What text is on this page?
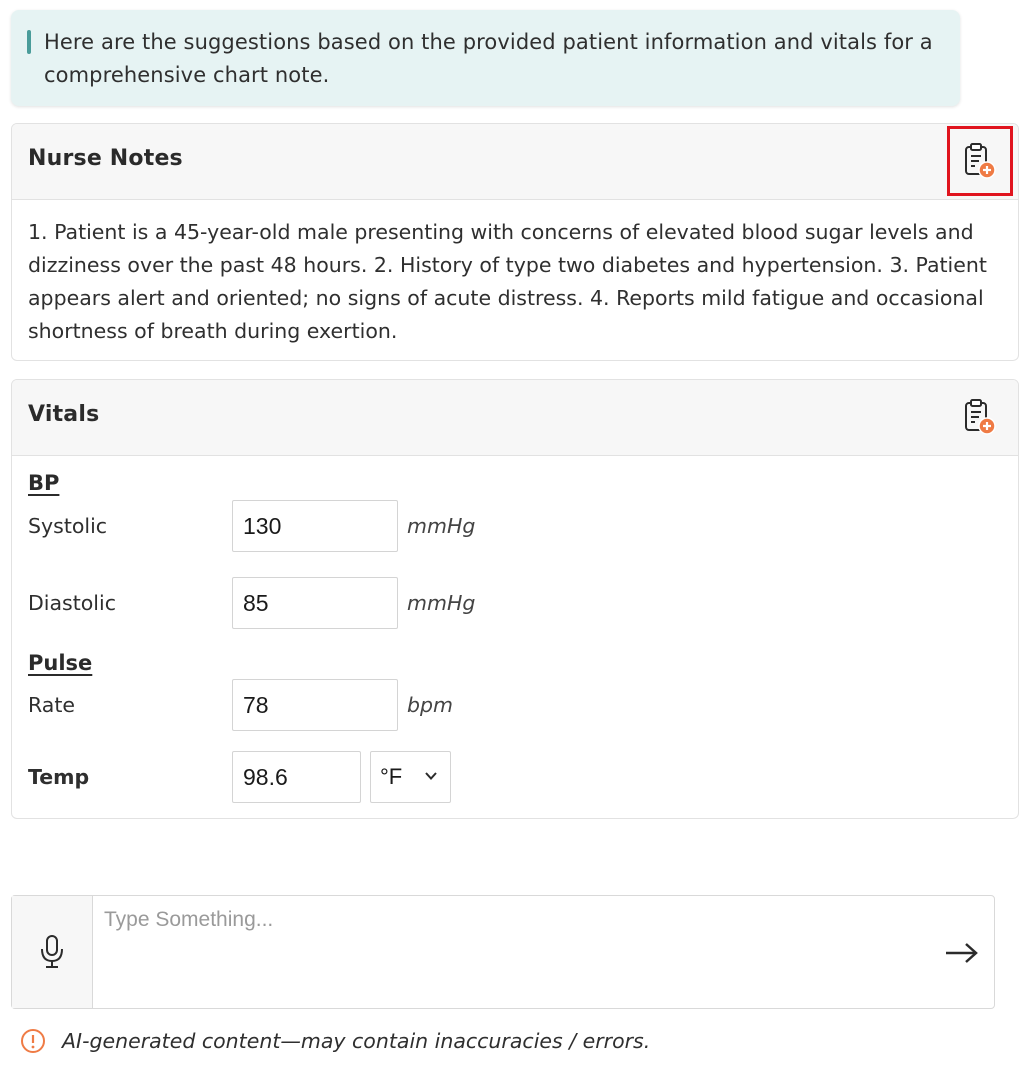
Here are the suggestions based on the provided patient information and vitals for a comprehensive chart note.
Nurse Notes
1. Patient is a 45-year-old male presenting with concerns of elevated blood sugar levels and dizziness over the past 48 hours. 2. History of type two diabetes and hypertension. 3. Patient appears alert and oriented; no signs of acute distress. 4. Reports mild fatigue and occasional shortness of breath during exertion.
Vitals
BP
Systolic
130	mmHg
Diastolic
85	mmHg
Pulse
Rate
78	bpm
Temp
98.6	°F
Type Something...
AI-generated content—may contain inaccuracies / errors.
